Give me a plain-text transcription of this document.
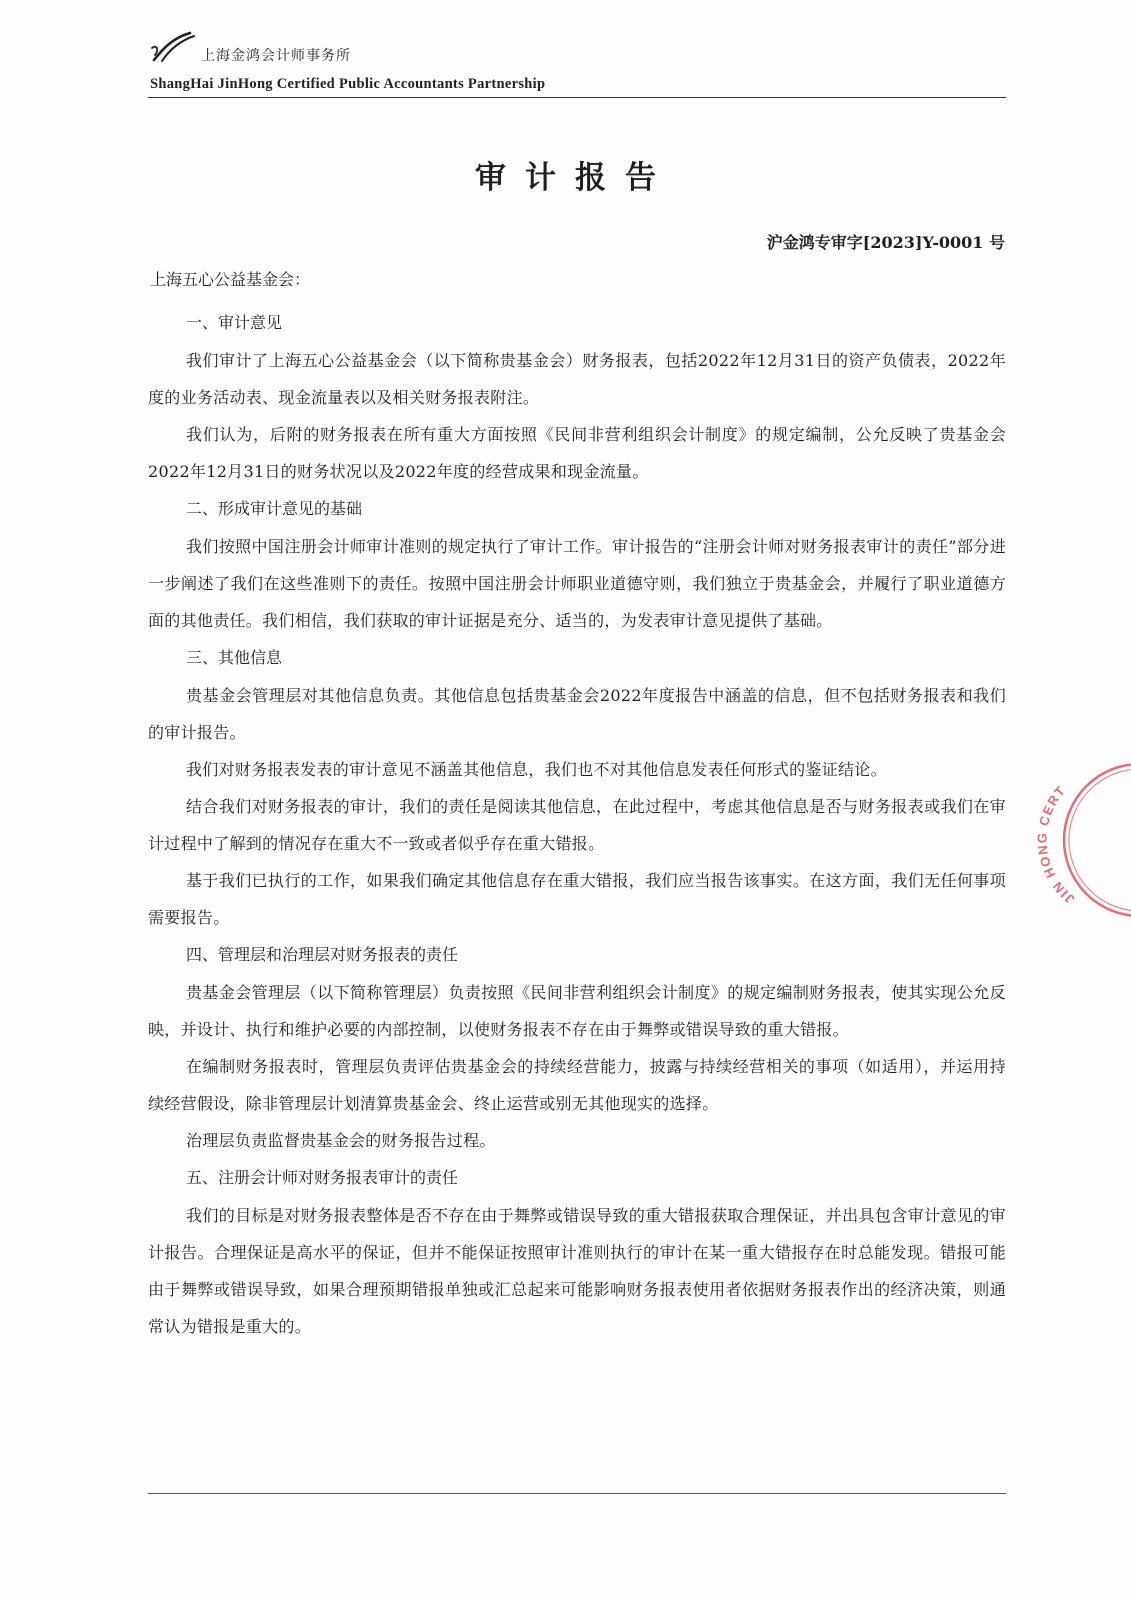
上海金鸿会计师事务所
ShangHai JinHong Certified Public Accountants Partnership
审计报告
沪金鸿专审字[2023]Y-0001 号
上海五心公益基金会：

一、审计意见

我们审计了上海五心公益基金会（以下简称贵基金会）财务报表，包括2022年12月31日的资产负债表，2022年度的业务活动表、现金流量表以及相关财务报表附注。

我们认为，后附的财务报表在所有重大方面按照《民间非营利组织会计制度》的规定编制，公允反映了贵基金会2022年12月31日的财务状况以及2022年度的经营成果和现金流量。

二、形成审计意见的基础

我们按照中国注册会计师审计准则的规定执行了审计工作。审计报告的“注册会计师对财务报表审计的责任”部分进一步阐述了我们在这些准则下的责任。按照中国注册会计师职业道德守则，我们独立于贵基金会，并履行了职业道德方面的其他责任。我们相信，我们获取的审计证据是充分、适当的，为发表审计意见提供了基础。

三、其他信息

贵基金会管理层对其他信息负责。其他信息包括贵基金会2022年度报告中涵盖的信息，但不包括财务报表和我们的审计报告。

我们对财务报表发表的审计意见不涵盖其他信息，我们也不对其他信息发表任何形式的鉴证结论。

结合我们对财务报表的审计，我们的责任是阅读其他信息，在此过程中，考虑其他信息是否与财务报表或我们在审计过程中了解到的情况存在重大不一致或者似乎存在重大错报。

基于我们已执行的工作，如果我们确定其他信息存在重大错报，我们应当报告该事实。在这方面，我们无任何事项需要报告。

四、管理层和治理层对财务报表的责任

贵基金会管理层（以下简称管理层）负责按照《民间非营利组织会计制度》的规定编制财务报表，使其实现公允反映，并设计、执行和维护必要的内部控制，以使财务报表不存在由于舞弊或错误导致的重大错报。

在编制财务报表时，管理层负责评估贵基金会的持续经营能力，披露与持续经营相关的事项（如适用），并运用持续经营假设，除非管理层计划清算贵基金会、终止运营或别无其他现实的选择。

治理层负责监督贵基金会的财务报告过程。

五、注册会计师对财务报表审计的责任

我们的目标是对财务报表整体是否不存在由于舞弊或错误导致的重大错报获取合理保证，并出具包含审计意见的审计报告。合理保证是高水平的保证，但并不能保证按照审计准则执行的审计在某一重大错报存在时总能发现。错报可能由于舞弊或错误导致，如果合理预期错报单独或汇总起来可能影响财务报表使用者依据财务报表作出的经济决策，则通常认为错报是重大的。

JIN HONG CERT
